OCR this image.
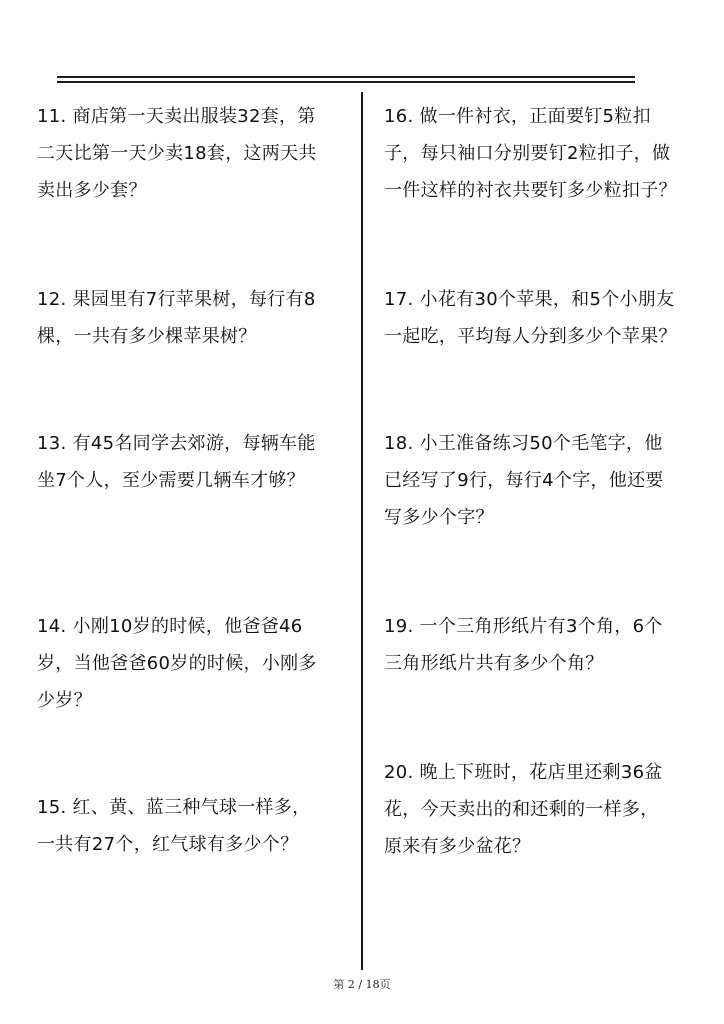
11. 商店第一天卖出服装32套，第
二天比第一天少卖18套，这两天共
卖出多少套？
12. 果园里有7行苹果树，每行有8
棵，一共有多少棵苹果树？
13. 有45名同学去郊游，每辆车能
坐7个人，至少需要几辆车才够？
14. 小刚10岁的时候，他爸爸46
岁，当他爸爸60岁的时候，小刚多
少岁？
15. 红、黄、蓝三种气球一样多，
一共有27个，红气球有多少个？
16. 做一件衬衣，正面要钉5粒扣
子，每只袖口分别要钉2粒扣子，做
一件这样的衬衣共要钉多少粒扣子？
17. 小花有30个苹果，和5个小朋友
一起吃，平均每人分到多少个苹果？
18. 小王准备练习50个毛笔字，他
已经写了9行，每行4个字，他还要
写多少个字？
19. 一个三角形纸片有3个角，6个
三角形纸片共有多少个角？
20. 晚上下班时，花店里还剩36盆
花，今天卖出的和还剩的一样多，
原来有多少盆花？
第 2 / 18页
